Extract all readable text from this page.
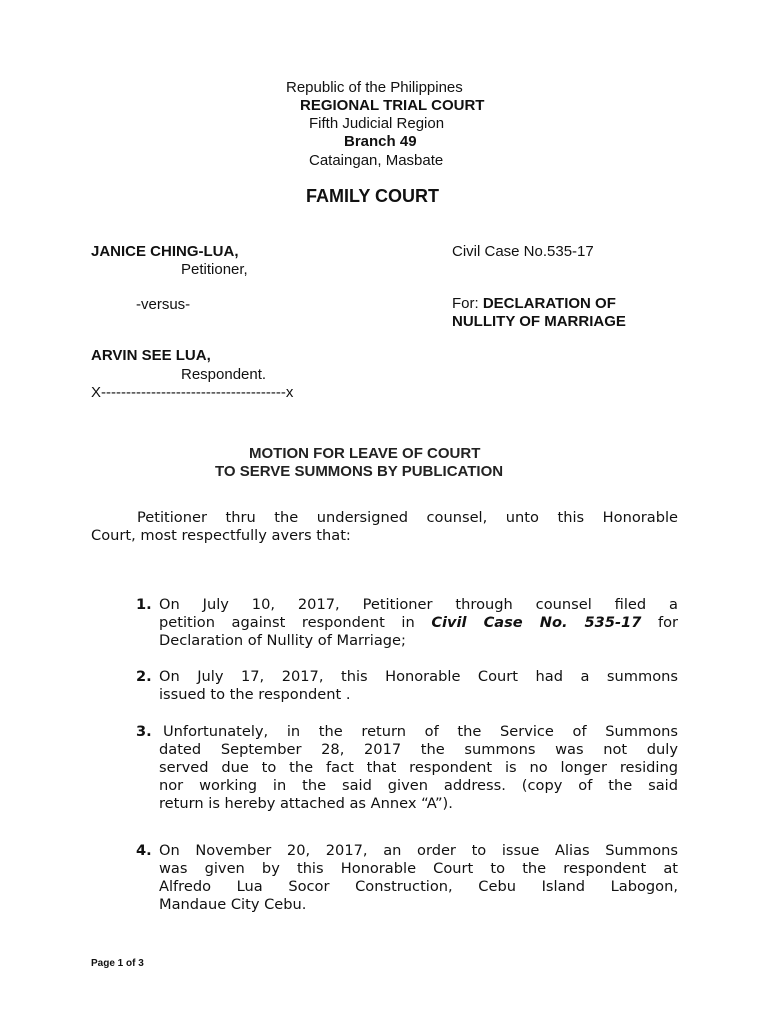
Republic of the Philippines
REGIONAL TRIAL COURT
Fifth Judicial Region
Branch 49
Cataingan, Masbate
FAMILY COURT
JANICE CHING-LUA,
Petitioner,
-versus-
ARVIN SEE LUA,
Respondent.
X-------------------------------------x
Civil Case No.535-17
For: DECLARATION OF
NULLITY OF MARRIAGE
MOTION FOR LEAVE OF COURT
TO SERVE SUMMONS BY PUBLICATION
Petitioner thru the undersigned counsel, unto this Honorable
Court, most respectfully avers that:
1. On July 10, 2017, Petitioner through counsel filed a
petition against respondent in Civil Case No. 535-17 for
Declaration of Nullity of Marriage;
2. On July 17, 2017, this Honorable Court had a summons
issued to the respondent .
3. Unfortunately, in the return of the Service of Summons
dated September 28, 2017 the summons was not duly
served due to the fact that respondent is no longer residing
nor working in the said given address. (copy of the said
return is hereby attached as Annex “A”).
4. On November 20, 2017, an order to issue Alias Summons
was given by this Honorable Court to the respondent at
Alfredo Lua Socor Construction, Cebu Island Labogon,
Mandaue City Cebu.
Page 1 of 3
